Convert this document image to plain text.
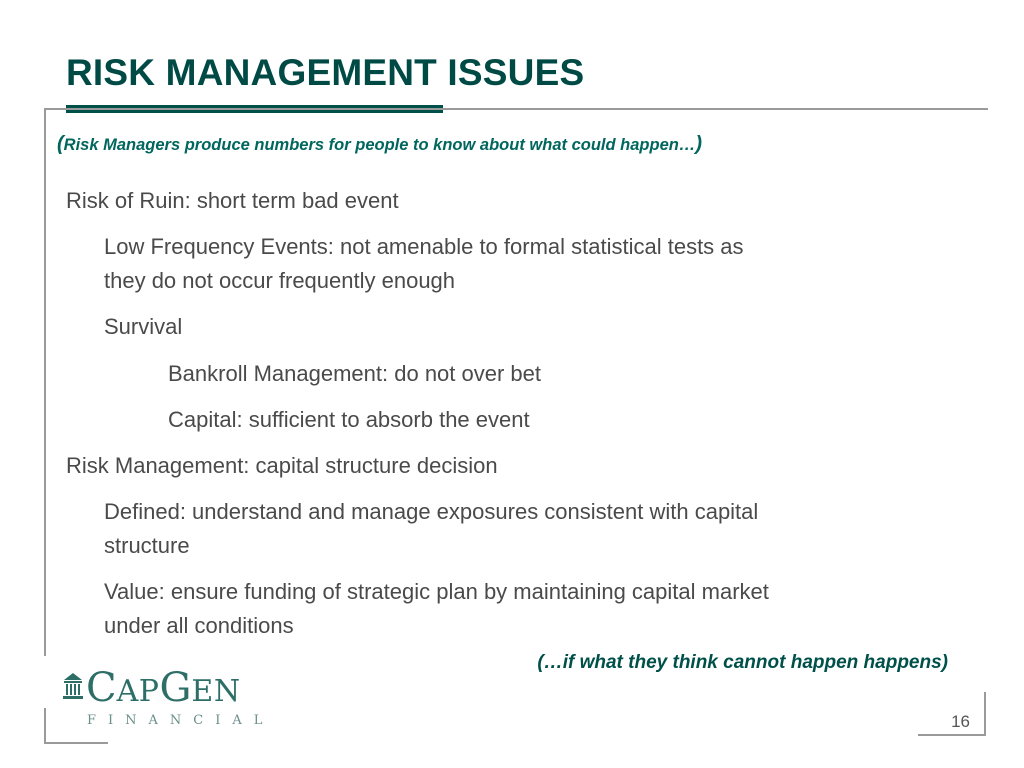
RISK MANAGEMENT ISSUES
(Risk Managers produce numbers for people to know about what could happen…)
Risk of Ruin: short term bad event
Low Frequency Events: not amenable to formal statistical tests as
they do not occur frequently enough
Survival
Bankroll Management: do not over bet
Capital: sufficient to absorb the event
Risk Management: capital structure decision
Defined: understand and manage exposures consistent with capital
structure
Value: ensure funding of strategic plan by maintaining capital market
under all conditions
(…if what they think cannot happen happens)
CAPGEN
FINANCIAL	16
